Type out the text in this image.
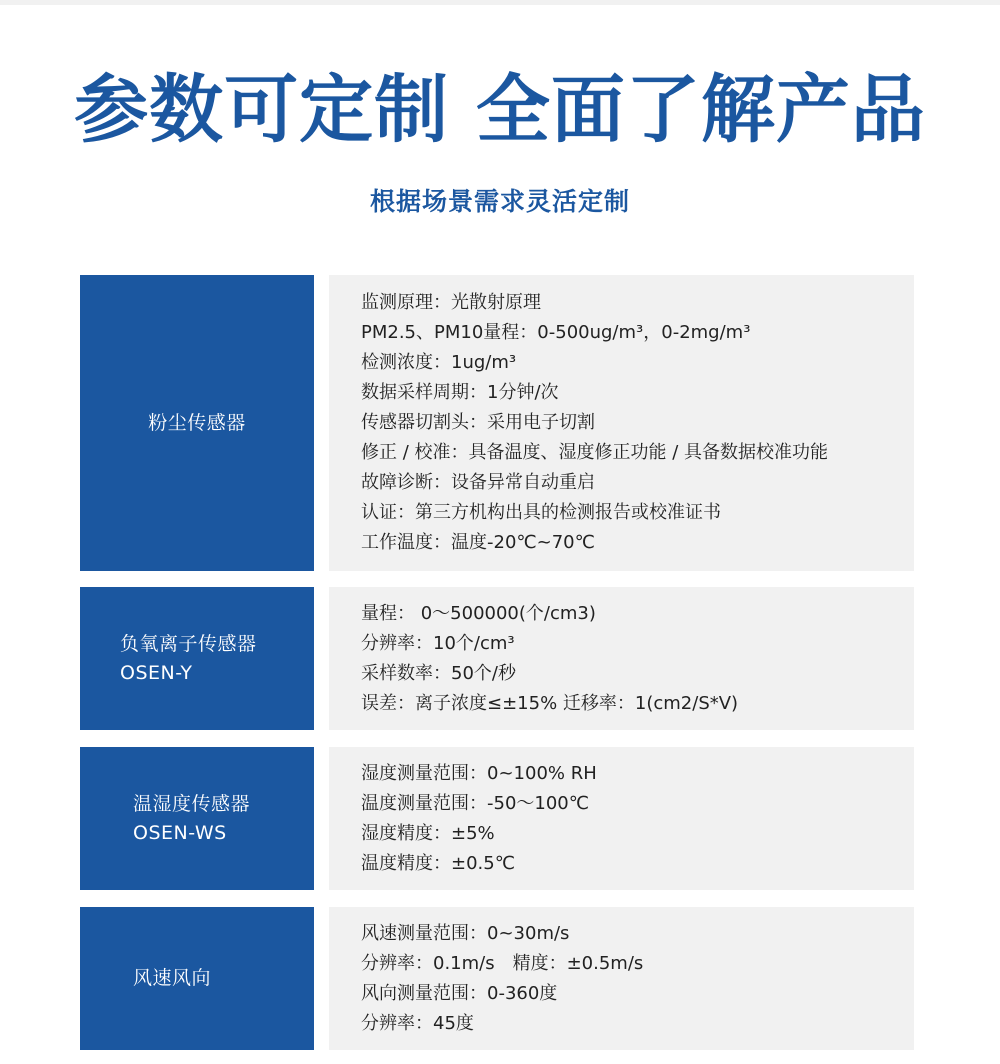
参数可定制 全面了解产品
根据场景需求灵活定制
粉尘传感器

监测原理：光散射原理

PM2.5、PM10量程：0-500ug/m³，0-2mg/m³

检测浓度：1ug/m³

数据采样周期：1分钟/次

传感器切割头：采用电子切割

修正 / 校准：具备温度、湿度修正功能 / 具备数据校准功能

故障诊断：设备异常自动重启

认证：第三方机构出具的检测报告或校准证书

工作温度：温度-20℃~70℃

负氧离子传感器
OSEN-Y

量程： 0～500000(个/cm3)

分辨率：10个/cm³

采样数率：50个/秒

误差：离子浓度≤±15% 迁移率：1(cm2/S*V)

温湿度传感器
OSEN-WS

湿度测量范围：0~100% RH

温度测量范围：-50～100℃

湿度精度：±5%

温度精度：±0.5℃

风速风向

风速测量范围：0~30m/s

分辨率：0.1m/s　精度：±0.5m/s

风向测量范围：0-360度

分辨率：45度
